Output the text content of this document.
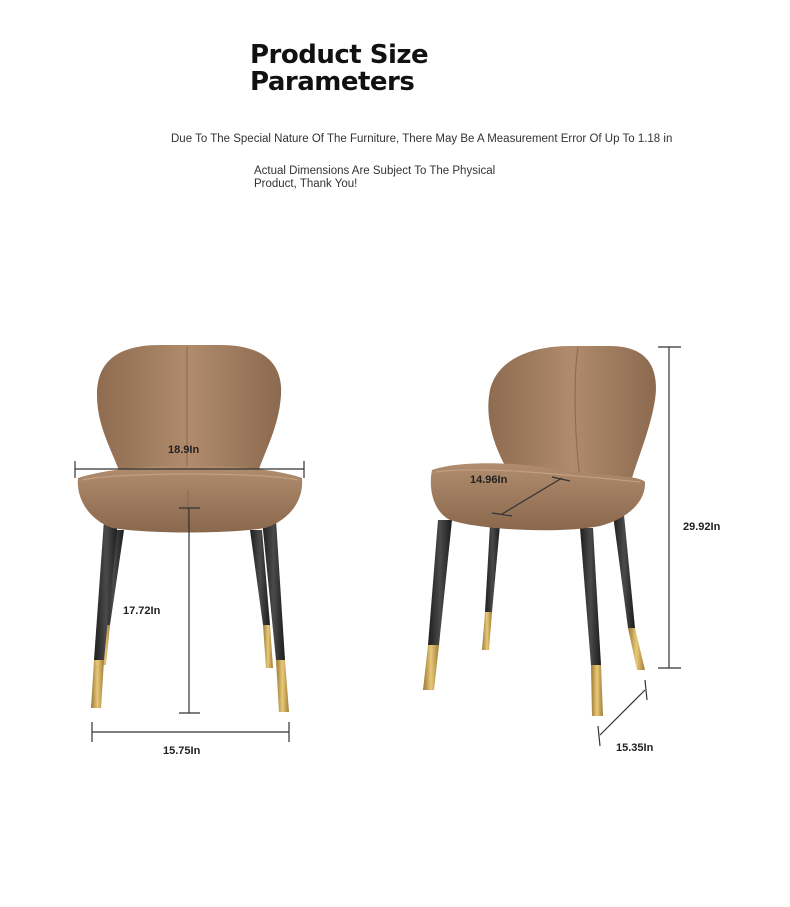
Product Size
Parameters
Due To The Special Nature Of The Furniture, There May Be A Measurement Error Of Up To 1.18 in
Actual Dimensions Are Subject To The Physical
Product, Thank You!
18.9In
17.72In
15.75In
14.96In
29.92In
15.35In
